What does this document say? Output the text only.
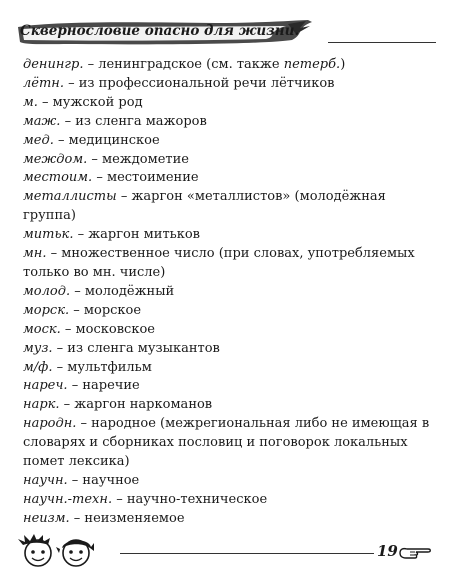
Сквернословие опасно для жизни.
денингр. – ленинградское (см. также петерб.)
лётн. – из профессиональной речи лётчиков
м. – мужской род
маж. – из сленга мажоров
мед. – медицинское
междом. – междометие
местоим. – местоимение
металлисты – жаргон «металлистов» (молодёжная группа)
митьк. – жаргон митьков
мн. – множественное число (при словах, употребляемых только во мн. числе)
молод. – молодёжный
морск. – морское
моск. – московское
муз. – из сленга музыкантов
м/ф. – мультфильм
нареч. – наречие
нарк. – жаргон наркоманов
народн. – народное (межрегиональная либо не имеющая в словарях и сборниках пословиц и поговорок локальных помет лексика)
научн. – научное
научн.-техн. – научно-техническое
неизм. – неизменяемое
19
